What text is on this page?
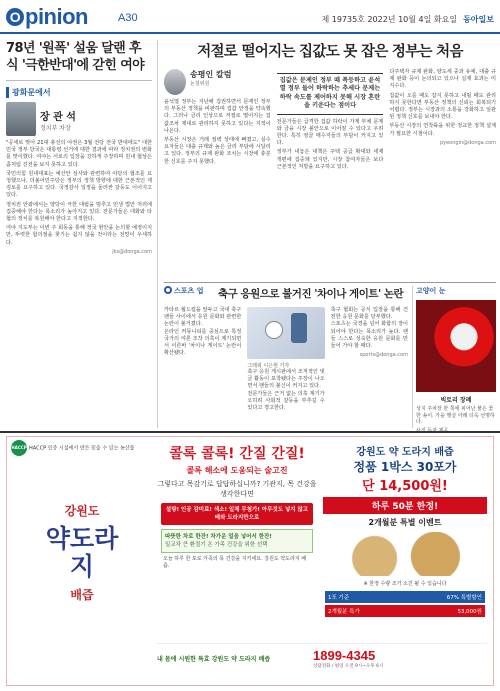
O pinion	A30	제 19735호 2022년 10월 4일 화요일 동아일보
78년 '원폭' 설움 달랜 후식 '극한반대'에 갇힌 여야
광화문에서
장 관 석
정치부 차장

"공세로 맞아 21대 총선의 야권은 3월 전당 전국 반대에도" 대한민국 정부 당국은 대통령 선거에 대한 결과에 따라 정치권의 변화를 맞이했다. 여야는 서로의 입장을 강하게 주장하며 원내 협상은 좀처럼 진전을 보지 못하고 있다.

국민의힘 원내대표는 예산안 심사와 관련하여 야당의 협조를 요청했으나, 더불어민주당은 정부의 정책 방향에 대한 근본적인 재검토를 요구하고 있다. 국정감사 일정을 둘러싼 갈등도 이어지고 있다.

정치권 안팎에서는 양당이 극한 대립을 멈추고 민생 법안 처리에 집중해야 한다는 목소리가 높아지고 있다. 전문가들은 대화와 타협의 정치를 복원해야 한다고 지적한다.

여야 지도부는 이번 주 회동을 통해 정국 현안을 논의할 예정이지만, 뚜렷한 합의점을 찾기는 쉽지 않을 것이라는 전망이 우세하다.

jks@donga.com
저절로 떨어지는 집값도 못 잡은 정부는 처음
송평인 칼럼
논설위원

윤석열 정부는 지난해 집권하면서 문재인 정부의 부동산 정책을 비판하며 집값 안정을 약속했다. 그러나 금리 인상으로 저절로 떨어지는 집값조차 제대로 관리하지 못하고 있다는 지적이 나온다.

부동산 시장은 거래 절벽 상태에 빠졌고, 실수요자들은 대출 규제와 높은 금리 부담에 시달리고 있다. 정부의 규제 완화 조치는 시장에 충분한 신호를 주지 못했다.

집값은 문제인 정부 때 폭등하고 윤석열 정부 들어 하락하는 추세다 문제는 하락 속도를 제어하지 못해 시장 혼란을 키운다는 점이다

전문가들은 급격한 집값 하락이 가계 부채 문제와 금융 시장 불안으로 이어질 수 있다고 우려한다. 특히 영끌 매수자들의 부담이 커지고 있다.

정부가 내놓은 대책은 주택 공급 확대와 세제 개편에 집중돼 있지만, 시장 참여자들은 보다 근본적인 처방을 요구하고 있다.

다주택자 규제 완화, 양도세 중과 유예, 대출 규제 완화 등이 논의되고 있으나 실제 효과는 미지수다.

집값이 오를 때도 잡지 못하고 내릴 때도 관리하지 못한다면 부동산 정책의 신뢰는 회복되기 어렵다. 정부는 시장과의 소통을 강화하고 일관된 정책 신호를 보내야 한다.

부동산 시장의 연착륙을 위한 정교한 정책 설계가 필요한 시점이다.

pyeongin@donga.com
스포츠 업	축구 응원으로 불거진 '차이나 게이트' 논란

카타르 월드컵을 앞두고 국내 축구 팬들 사이에서 응원 문화와 관련한 논란이 불거졌다.

온라인 커뮤니티를 중심으로 특정 국가의 여론 조작 의혹이 제기되면서 이른바 '차이나 게이트' 논란이 확산됐다.

그래픽 이은현 기자

축구 응원 게시판에서 조직적인 댓글 활동이 포착됐다는 주장이 나오면서 팬들의 불신이 커지고 있다.

전문가들은 근거 없는 의혹 제기가 오히려 사회적 갈등을 부추길 수 있다고 경고한다.

축구 협회는 공식 입장을 통해 건전한 응원 문화를 당부했다.

스포츠는 국경을 넘어 화합의 장이 되어야 한다는 목소리가 높다. 팬들 스스로 성숙한 응원 문화를 만들어 가야 할 때다.

sports@donga.com
고양이 눈
빅토리 장례
성지 주차장 한 쪽에 피어난 붉은 꽃 한 송이. 가을 햇살 아래 더욱 선명하다.
HACCP HACCP 인증 시설에서 만든 믿을 수 있는 농산물
강원도
약도라지
배즙
콜록 콜록! 간질 간질!
콜록 해소에 도움되는 술고진
그렇다고 목감기로 답답하십니까? 기관지, 목 건강을 생각한다면
설탕! 인공 감미료! 색소! 일체 무첨가! 아무것도 넣지 않고 배와 도라지만으로
따뜻한 차로 한잔! 차가운 얼음 넣어서 한잔!
일교차 큰 환절기 온 가족 건강을 위한 선택
오늘 하루 한 포로 가족의 목 건강을 지키세요. 강원도 약도라지 배즙.
강원도 약 도라지 배즙
정품 1박스 30포가
단 14,500원!
하루 50분 한정!
2개월분 특별 이벤트
※ 한정 수량 조기 소진 될 수 있습니다
1포 기준	67% 특별할인
2개월분 특가	53,000원
내 몸에 시원한 특효 강원도 약 도라지 배즙	1899-4345
상담전화 / 평일 오전 9시~오후 6시
